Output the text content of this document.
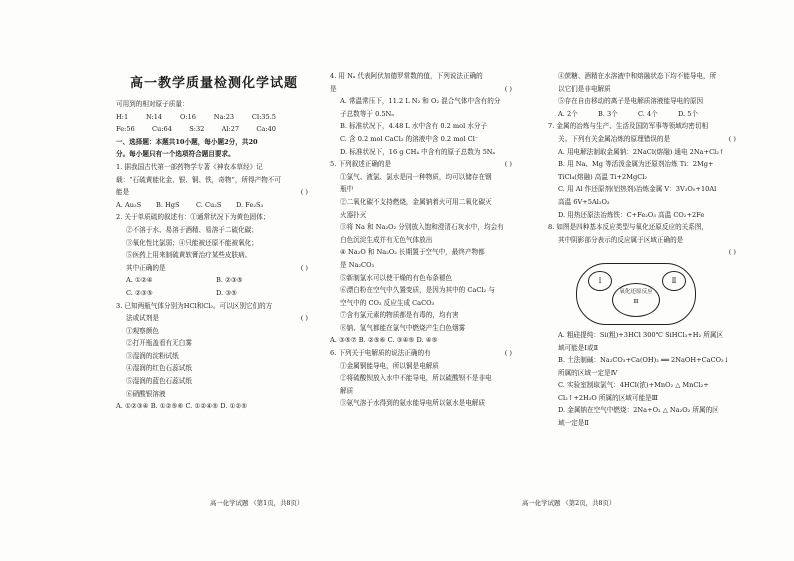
高一教学质量检测化学试题
可用到的相对原子质量：
H:1	N:14	O:16	Na:23	Cl:35.5
Fe:56	Cu:64	S:32	Al:27	Ca:40
一、选择题：本题共10小题，每小题2分，共20
分。每小题只有一个选项符合题目要求。
1. 据我国古代第一部药物学专著《神农本草经》记
载：“石硫黄能化金、银、铜、铁，奇物”，所得产物不可
能是	( )
A. Au₂S	B. HgS	C. Cu₂S	D. Fe₂S₃
2. 关于单质硫的叙述有：①通常状况下为黄色固体；
②不溶于水、易溶于酒精、易溶于二硫化碳；
③氧化性比氯弱；④只能被还原不能被氧化；
⑤医药上用来制硫黄软膏治疗某些皮肤病。
其中正确的是	( )
A. ①②④	B. ②③⑤
C. ②③⑤	D. ③⑤
3. 已知两瓶气体分别为HCl和Cl₂。可以区别它们的方
法或试剂是	( )
①观察颜色
②打开瓶盖看有无白雾
③湿润的淀粉试纸
④湿润的红色石蕊试纸
⑤湿润的蓝色石蕊试纸
⑥硝酸银溶液
A. ①②③④ B. ①②⑤⑥ C. ①②④⑤ D. ①②⑤
4. 用 Nₐ 代表阿伏加德罗常数的值，下列说法正确的
是	( )
A. 常温常压下，11.2 L N₂ 和 O₂ 混合气体中含有的分
子总数等于 0.5Nₐ
B. 标准状况下，4.48 L 水中含有 0.2 mol 水分子
C. 含 0.2 mol CaCl₂ 的溶液中含 0.2 mol Cl⁻
D. 标准状况下，16 g CH₄ 中含有的原子总数为 5Nₐ
5. 下列叙述正确的是	( )
①氯气、液氯、氯水是同一种物质，均可以储存在钢
瓶中
②二氧化碳不支持燃烧，金属钠着火可用二氧化碳灭
火器扑灭
③将 Na 和 Na₂O₂ 分别放入饱和澄清石灰水中，均会有
白色沉淀生成并有无色气体放出
④ Na₂O 和 Na₂O₂ 长期置于空气中，最终产物都
是 Na₂CO₃
⑤新制氯水可以使干燥的有色布条褪色
⑥漂白粉在空气中久置变质，是因为其中的 CaCl₂ 与
空气中的 CO₂ 反应生成 CaCO₃
⑦含有氯元素的物质都是有毒的，均有害
⑧钠、氢气都能在氯气中燃烧产生白色烟雾
A. ③⑤⑦ B. ②⑤⑥ C. ③④⑤ D. ④⑤
6. 下列关于电解质的说法正确的有	( )
①金属铜能导电，所以铜是电解质
②将硫酸钡放入水中不能导电，所以硫酸钡不是非电
解质
③氨气溶于水得到的氨水能导电所以氨水是电解质
④蔗糖、酒精在水溶液中和熔融状态下均不能导电，所
以它们是非电解质
⑤存在自由移动的离子是电解质溶液能导电的原因
A. 2个	B. 3个	C. 4个	D. 5个
7. 金属的冶炼与生产、生活及国防军事等领域均密切相
关。下列有关金属冶炼的原理错误的是	( )
A. 用电解法制取金属钠：2NaCl(熔融) 通电 2Na+Cl₂↑
B. 用 Na、Mg 等活泼金属为还原剂冶炼 Ti：2Mg+
TiCl₄(熔融) 高温 Ti+2MgCl₂
C. 用 Al 作还原剂(铝热剂)冶炼金属 V：3V₂O₅+10Al
高温 6V+5Al₂O₃
D. 用热还原法冶炼铁：C+Fe₂O₃ 高温 CO₂+2Fe
8. 如图是四种基本反应类型与氧化还原反应的关系图，
其中阴影部分表示的反应属于区域正确的是
( )
Ⅰ	Ⅱ
氧化还原反应
Ⅲ
A. 粗硅提纯：Si(粗)+3HCl 300℃ SiHCl₃+H₂ 所属区
域可能是Ⅰ或Ⅱ
B. 土法制碱：Na₂CO₃+Ca(OH)₂ ══ 2NaOH+CaCO₃↓
所属的区域一定是Ⅳ
C. 实验室制取氯气：4HCl(浓)+MnO₂ △ MnCl₂+
Cl₂↑+2H₂O 所属的区域可能是Ⅲ
D. 金属钠在空气中燃烧：2Na+O₂ △ Na₂O₂ 所属的区
域一定是Ⅱ
高一化学试题 （第1页，共8页）	高一化学试题 （第2页，共8页）
